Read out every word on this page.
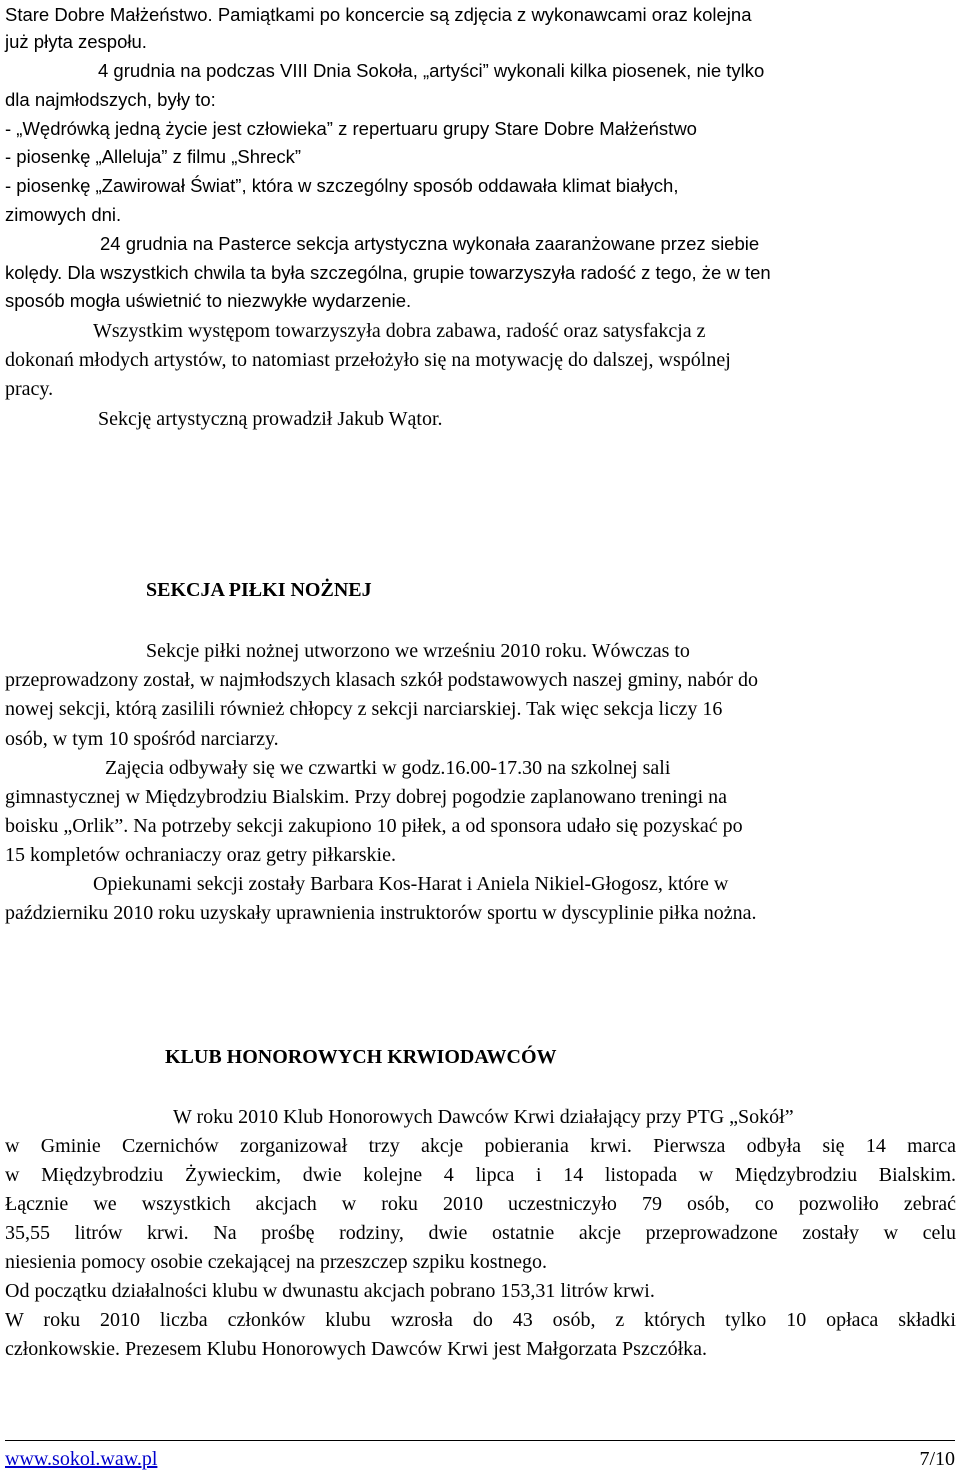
Stare Dobre Małżeństwo. Pamiątkami po koncercie są zdjęcia z wykonawcami oraz kolejna
już płyta zespołu.
4 grudnia na podczas VIII Dnia Sokoła, „artyści” wykonali kilka piosenek, nie tylko
dla najmłodszych, były to:
- „Wędrówką jedną życie jest człowieka” z repertuaru grupy Stare Dobre Małżeństwo
- piosenkę „Alleluja” z filmu „Shreck”
- piosenkę „Zawirował Świat”, która w szczególny sposób oddawała klimat białych,
zimowych dni.
24 grudnia na Pasterce sekcja artystyczna wykonała zaaranżowane przez siebie
kolędy. Dla wszystkich chwila ta była szczególna, grupie towarzyszyła radość z tego, że w ten
sposób mogła uświetnić to niezwykłe wydarzenie.
Wszystkim występom towarzyszyła dobra zabawa, radość oraz satysfakcja z
dokonań młodych artystów, to natomiast przełożyło się na motywację do dalszej, wspólnej
pracy.
Sekcję artystyczną prowadził Jakub Wątor.
SEKCJA PIŁKI NOŻNEJ
Sekcje piłki nożnej utworzono we wrześniu 2010 roku. Wówczas to
przeprowadzony został, w najmłodszych klasach szkół podstawowych naszej gminy, nabór do
nowej sekcji, którą zasilili również chłopcy z sekcji narciarskiej. Tak więc sekcja liczy 16
osób, w tym 10 spośród narciarzy.
Zajęcia odbywały się we czwartki w godz.16.00-17.30 na szkolnej sali
gimnastycznej w Międzybrodziu Bialskim. Przy dobrej pogodzie zaplanowano treningi na
boisku „Orlik”. Na potrzeby sekcji zakupiono 10 piłek, a od sponsora udało się pozyskać po
15 kompletów ochraniaczy oraz getry piłkarskie.
Opiekunami sekcji zostały Barbara Kos-Harat i Aniela Nikiel-Głogosz, które w
październiku 2010 roku uzyskały uprawnienia instruktorów sportu w dyscyplinie piłka nożna.
KLUB HONOROWYCH KRWIODAWCÓW
W roku 2010 Klub Honorowych Dawców Krwi działający przy PTG „Sokół”
w Gminie Czernichów zorganizował trzy akcje pobierania krwi. Pierwsza odbyła się 14 marca
w Międzybrodziu Żywieckim, dwie kolejne 4 lipca i 14 listopada w Międzybrodziu Bialskim.
Łącznie we wszystkich akcjach w roku 2010 uczestniczyło 79 osób, co pozwoliło zebrać
35,55 litrów krwi. Na prośbę rodziny, dwie ostatnie akcje przeprowadzone zostały w celu
niesienia pomocy osobie czekającej na przeszczep szpiku kostnego.
Od początku działalności klubu w dwunastu akcjach pobrano 153,31 litrów krwi.
W roku 2010 liczba członków klubu wzrosła do 43 osób, z których tylko 10 opłaca składki
członkowskie. Prezesem Klubu Honorowych Dawców Krwi jest Małgorzata Pszczółka.
www.sokol.waw.pl	7/10
